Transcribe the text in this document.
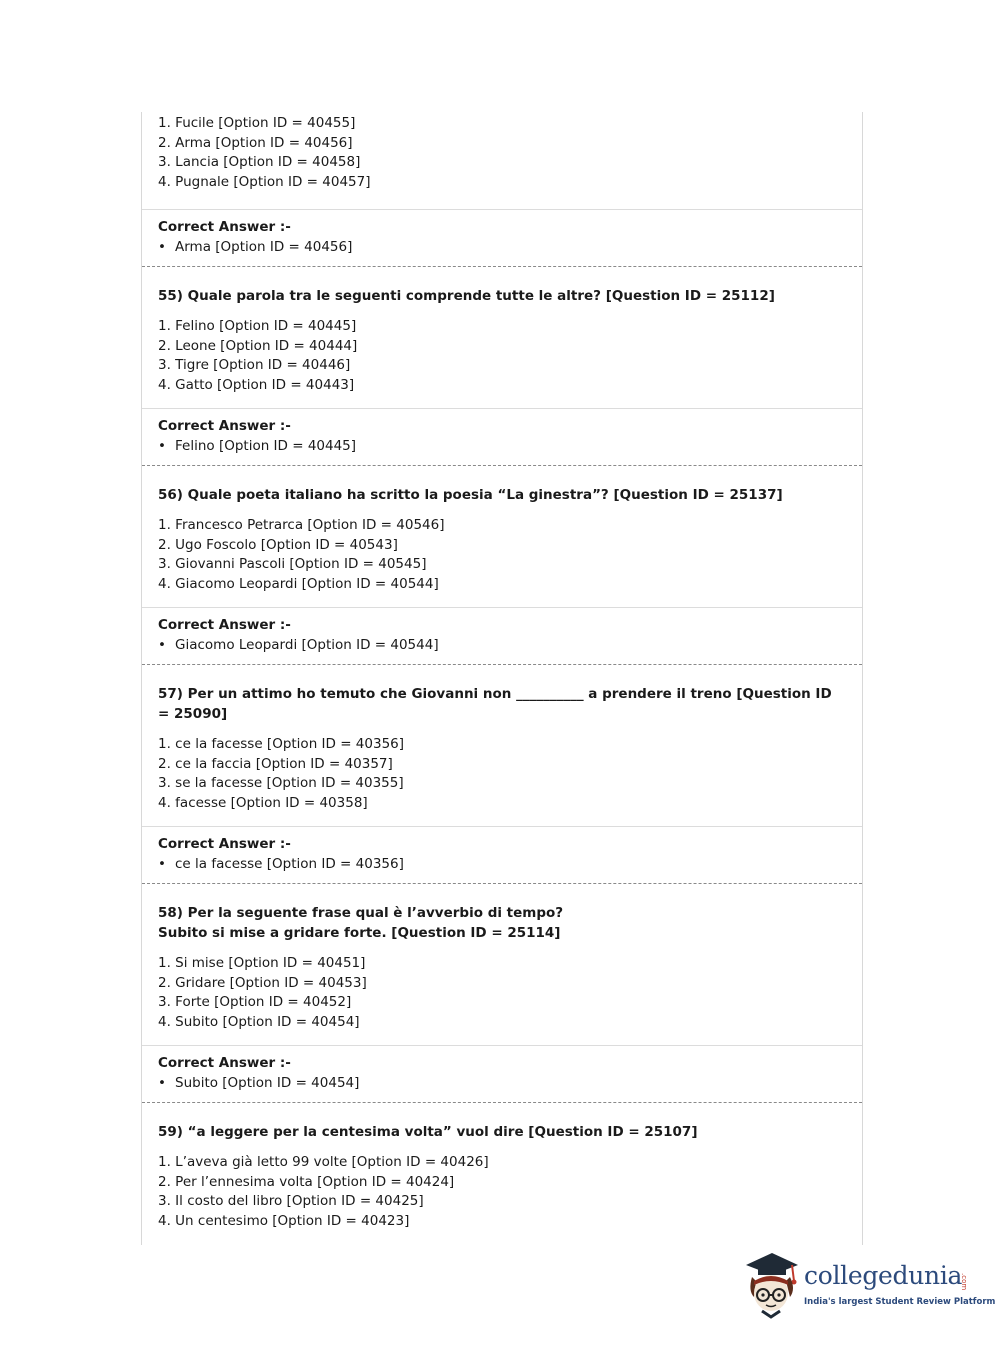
1. Fucile [Option ID = 40455]
2. Arma [Option ID = 40456]
3. Lancia [Option ID = 40458]
4. Pugnale [Option ID = 40457]
Correct Answer :-
• Arma [Option ID = 40456]
55) Quale parola tra le seguenti comprende tutte le altre? [Question ID = 25112]
1. Felino [Option ID = 40445]
2. Leone [Option ID = 40444]
3. Tigre [Option ID = 40446]
4. Gatto [Option ID = 40443]
Correct Answer :-
• Felino [Option ID = 40445]
56) Quale poeta italiano ha scritto la poesia “La ginestra”? [Question ID = 25137]
1. Francesco Petrarca [Option ID = 40546]
2. Ugo Foscolo [Option ID = 40543]
3. Giovanni Pascoli [Option ID = 40545]
4. Giacomo Leopardi [Option ID = 40544]
Correct Answer :-
• Giacomo Leopardi [Option ID = 40544]
57) Per un attimo ho temuto che Giovanni non __________ a prendere il treno [Question ID = 25090]
1. ce la facesse [Option ID = 40356]
2. ce la faccia [Option ID = 40357]
3. se la facesse [Option ID = 40355]
4. facesse [Option ID = 40358]
Correct Answer :-
• ce la facesse [Option ID = 40356]
58) Per la seguente frase qual è l’avverbio di tempo?
Subito si mise a gridare forte. [Question ID = 25114]
1. Si mise [Option ID = 40451]
2. Gridare [Option ID = 40453]
3. Forte [Option ID = 40452]
4. Subito [Option ID = 40454]
Correct Answer :-
• Subito [Option ID = 40454]
59) “a leggere per la centesima volta” vuol dire [Question ID = 25107]
1. L’aveva già letto 99 volte [Option ID = 40426]
2. Per l’ennesima volta [Option ID = 40424]
3. Il costo del libro [Option ID = 40425]
4. Un centesimo [Option ID = 40423]
collegedunia
.com
India's largest Student Review Platform
